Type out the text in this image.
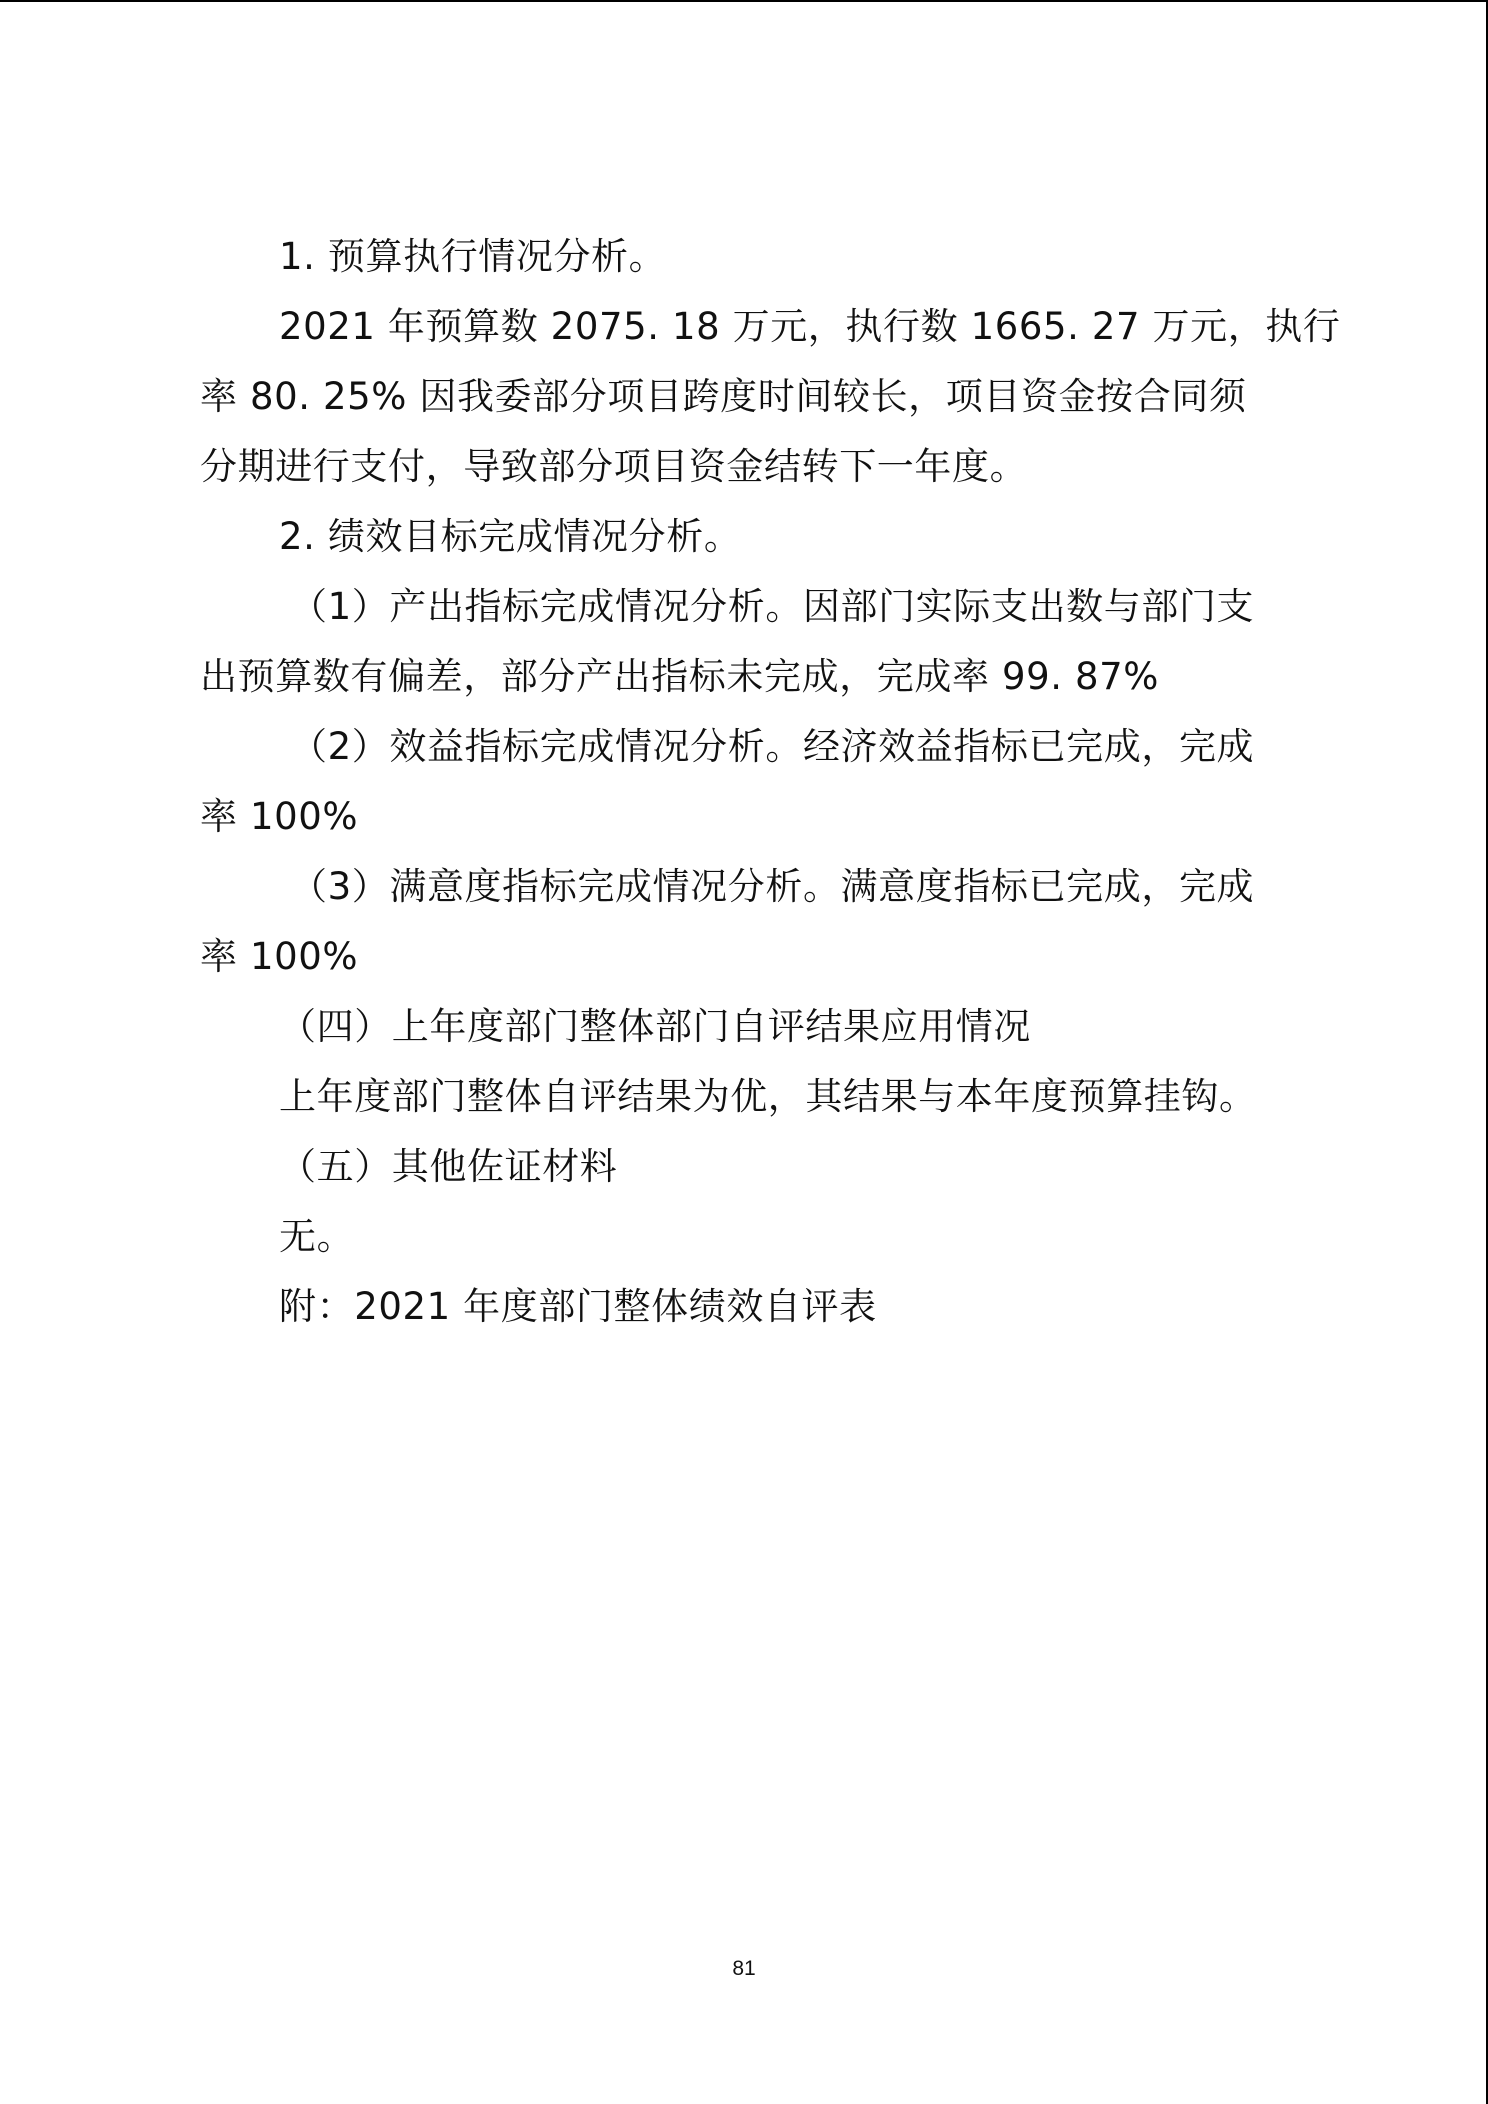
1. 预算执行情况分析。
2021 年预算数 2075. 18 万元，执行数 1665. 27 万元，执行
率 80. 25% 因我委部分项目跨度时间较长，项目资金按合同须
分期进行支付，导致部分项目资金结转下一年度。
2. 绩效目标完成情况分析。
（1）产出指标完成情况分析。因部门实际支出数与部门支
出预算数有偏差，部分产出指标未完成，完成率 99. 87%
（2）效益指标完成情况分析。经济效益指标已完成，完成
率 100%
（3）满意度指标完成情况分析。满意度指标已完成，完成
率 100%
（四）上年度部门整体部门自评结果应用情况
上年度部门整体自评结果为优，其结果与本年度预算挂钩。
（五）其他佐证材料
无。
附：2021 年度部门整体绩效自评表
81
